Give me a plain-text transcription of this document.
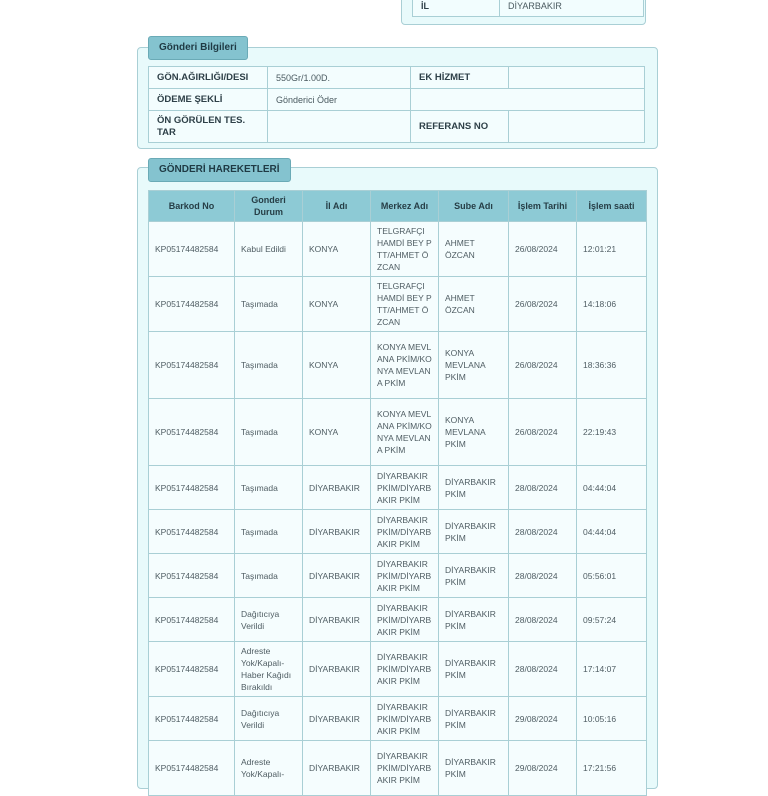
İL	DİYARBAKIR
Gönderi Bilgileri
GÖN.AĞIRLIĞI/DESI	550Gr/1.00D.	EK HİZMET	
ÖDEME ŞEKLİ	Gönderici Öder		
ÖN GÖRÜLEN TES. TAR		REFERANS NO	
GÖNDERİ HAREKETLERİ
Barkod No	Gonderi Durum	İl Adı	Merkez Adı	Sube Adı	İşlem Tarihi	İşlem saati
KP05174482584	Kabul Edildi	KONYA	TELGRAFÇI HAMDİ BEY PTT/AHMET ÖZCAN	AHMET ÖZCAN	26/08/2024	12:01:21
KP05174482584	Taşımada	KONYA	TELGRAFÇI HAMDİ BEY PTT/AHMET ÖZCAN	AHMET ÖZCAN	26/08/2024	14:18:06
KP05174482584	Taşımada	KONYA	KONYA MEVLANA PKİM/KONYA MEVLANA PKİM	KONYA MEVLANA PKİM	26/08/2024	18:36:36
KP05174482584	Taşımada	KONYA	KONYA MEVLANA PKİM/KONYA MEVLANA PKİM	KONYA MEVLANA PKİM	26/08/2024	22:19:43
KP05174482584	Taşımada	DİYARBAKIR	DİYARBAKIR PKİM/DİYARBAKIR PKİM	DİYARBAKIR PKİM	28/08/2024	04:44:04
KP05174482584	Taşımada	DİYARBAKIR	DİYARBAKIR PKİM/DİYARBAKIR PKİM	DİYARBAKIR PKİM	28/08/2024	04:44:04
KP05174482584	Taşımada	DİYARBAKIR	DİYARBAKIR PKİM/DİYARBAKIR PKİM	DİYARBAKIR PKİM	28/08/2024	05:56:01
KP05174482584	Dağıtıcıya Verildi	DİYARBAKIR	DİYARBAKIR PKİM/DİYARBAKIR PKİM	DİYARBAKIR PKİM	28/08/2024	09:57:24
KP05174482584	Adreste Yok/Kapalı-Haber Kağıdı Bırakıldı	DİYARBAKIR	DİYARBAKIR PKİM/DİYARBAKIR PKİM	DİYARBAKIR PKİM	28/08/2024	17:14:07
KP05174482584	Dağıtıcıya Verildi	DİYARBAKIR	DİYARBAKIR PKİM/DİYARBAKIR PKİM	DİYARBAKIR PKİM	29/08/2024	10:05:16
KP05174482584	Adreste Yok/Kapalı-	DİYARBAKIR	DİYARBAKIR PKİM/DİYARBAKIR PKİM	DİYARBAKIR PKİM	29/08/2024	17:21:56
